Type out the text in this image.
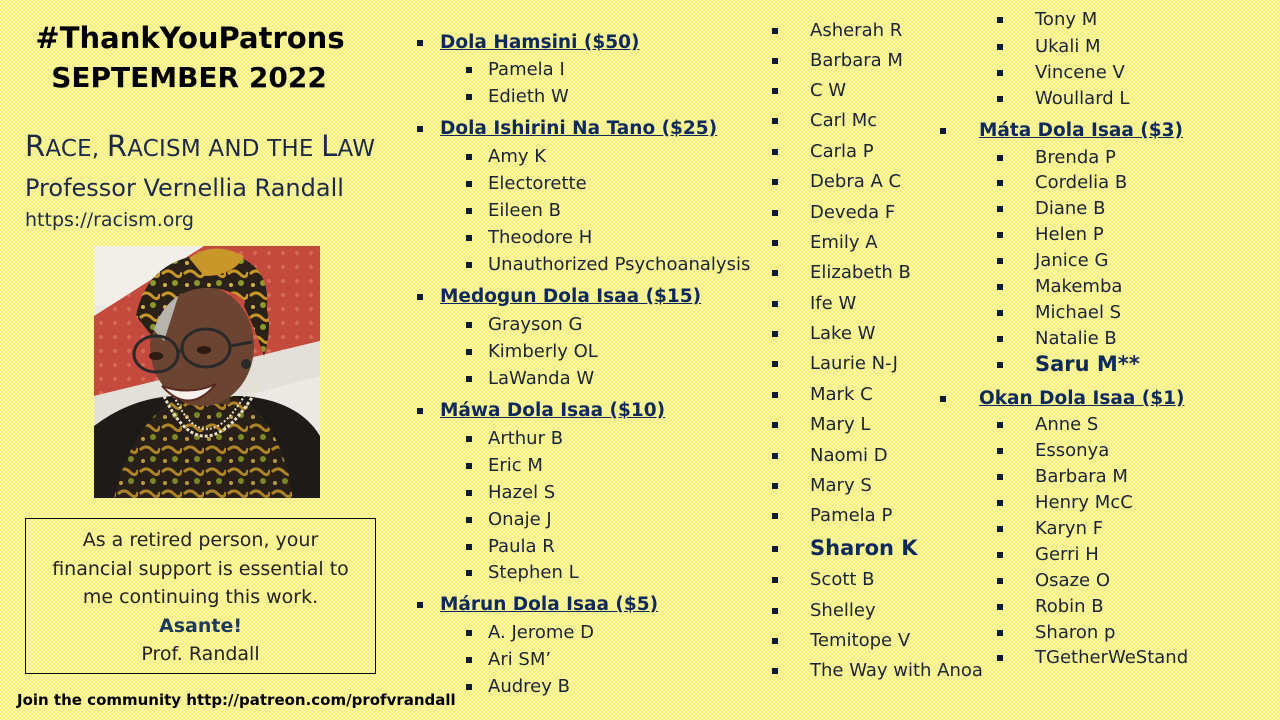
#ThankYouPatrons
SEPTEMBER 2022
RACE, RACISM AND THE LAW
Professor Vernellia Randall
https://racism.org
As a retired person, your
financial support is essential to
me continuing this work.
Asante!
Prof. Randall
Join the community http://patreon.com/profvrandall
Dola Hamsini ($50)
Pamela I
Edieth W
Dola Ishirini Na Tano ($25)
Amy K
Electorette
Eileen B
Theodore H
Unauthorized Psychoanalysis
Medogun Dola Isaa ($15)
Grayson G
Kimberly OL
LaWanda W
Máwa Dola Isaa ($10)
Arthur B
Eric M
Hazel S
Onaje J
Paula R
Stephen L
Márun Dola Isaa ($5)
A. Jerome D
Ari SM’
Audrey B
Asherah R
Barbara M
C W
Carl Mc
Carla P
Debra A C
Deveda F
Emily A
Elizabeth B
Ife W
Lake W
Laurie N-J
Mark C
Mary L
Naomi D
Mary S
Pamela P
Sharon K
Scott B
Shelley
Temitope V
The Way with Anoa
Tony M
Ukali M
Vincene V
Woullard L
Máta Dola Isaa ($3)
Brenda P
Cordelia B
Diane B
Helen P
Janice G
Makemba
Michael S
Natalie B
Saru M**
Okan Dola Isaa ($1)
Anne S
Essonya
Barbara M
Henry McC
Karyn F
Gerri H
Osaze O
Robin B
Sharon p
TGetherWeStand
